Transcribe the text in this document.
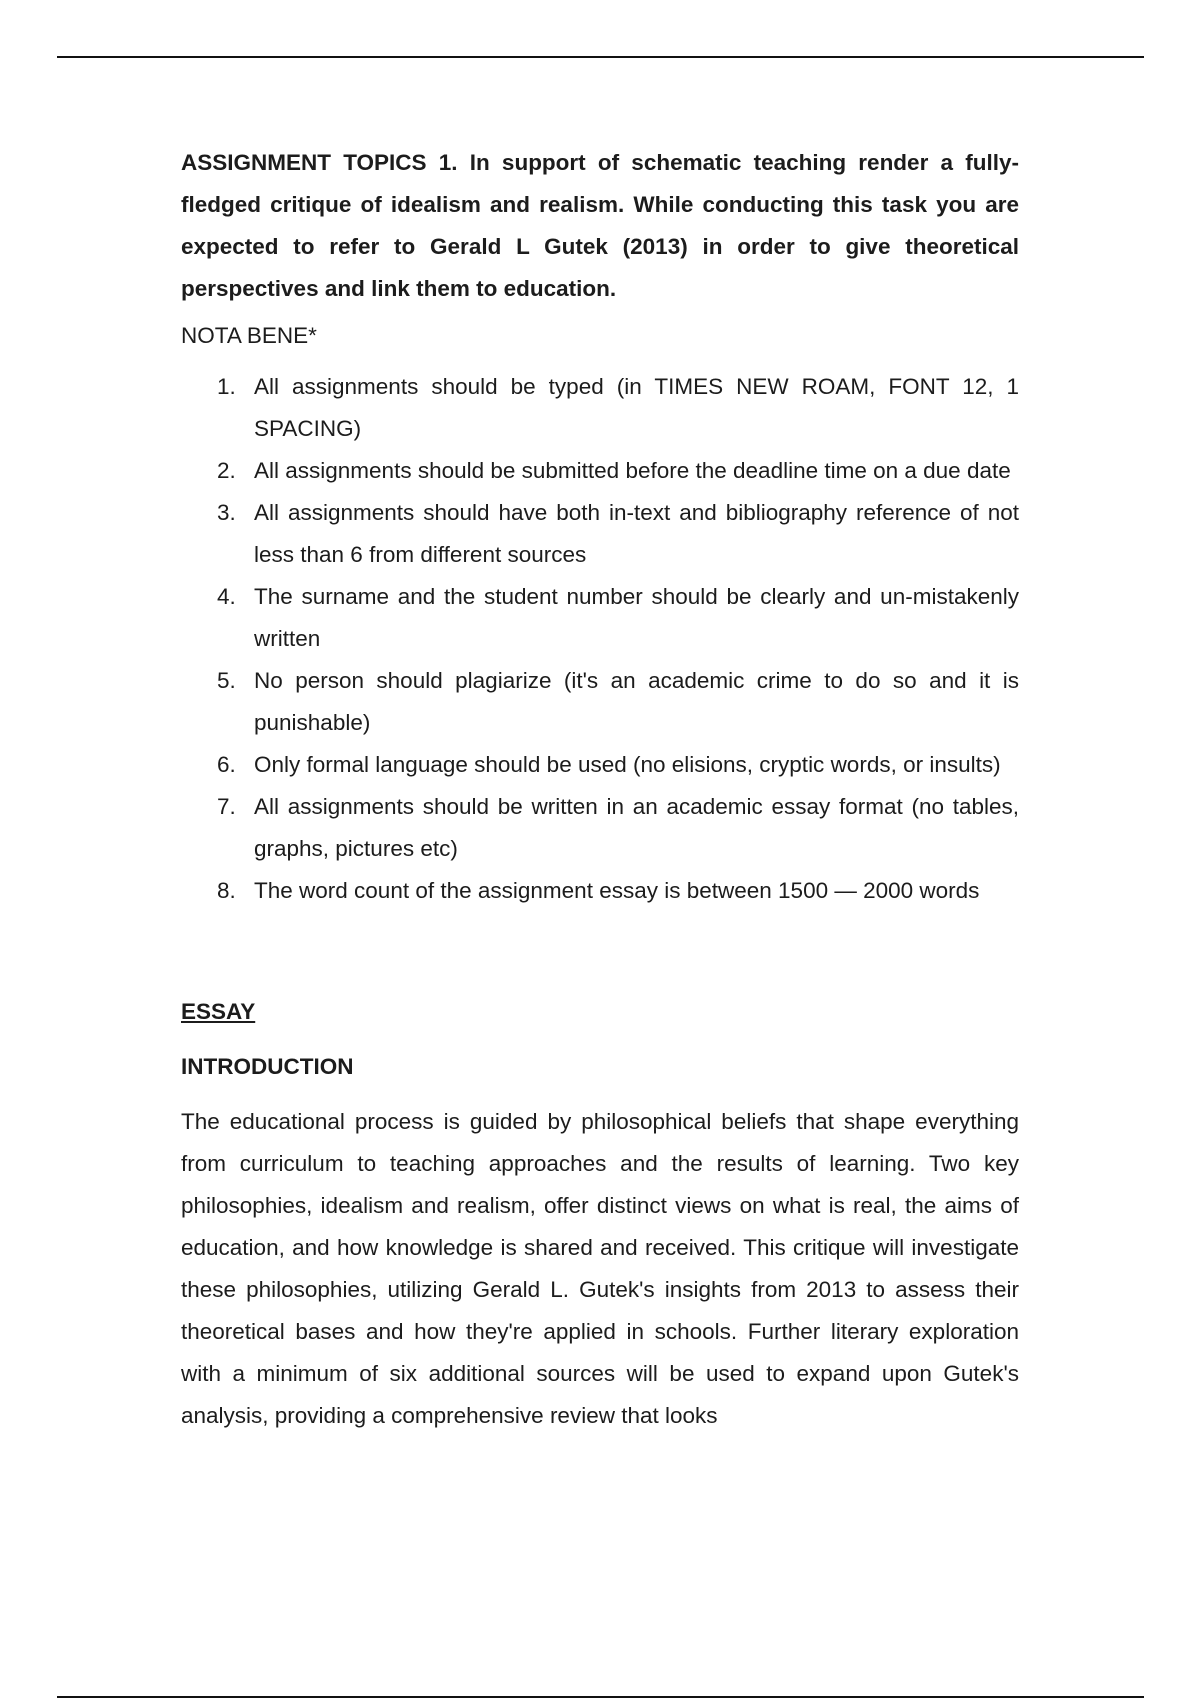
ASSIGNMENT TOPICS 1. In support of schematic teaching render a fully-fledged critique of idealism and realism. While conducting this task you are expected to refer to Gerald L Gutek (2013) in order to give theoretical perspectives and link them to education.

NOTA BENE*

1. All assignments should be typed (in TIMES NEW ROAM, FONT 12, 1 SPACING)
2. All assignments should be submitted before the deadline time on a due date
3. All assignments should have both in-text and bibliography reference of not less than 6 from different sources
4. The surname and the student number should be clearly and un-mistakenly written
5. No person should plagiarize (it's an academic crime to do so and it is punishable)
6. Only formal language should be used (no elisions, cryptic words, or insults)
7. All assignments should be written in an academic essay format (no tables, graphs, pictures etc)
8. The word count of the assignment essay is between 1500 — 2000 words

ESSAY

INTRODUCTION

The educational process is guided by philosophical beliefs that shape everything from curriculum to teaching approaches and the results of learning. Two key philosophies, idealism and realism, offer distinct views on what is real, the aims of education, and how knowledge is shared and received. This critique will investigate these philosophies, utilizing Gerald L. Gutek's insights from 2013 to assess their theoretical bases and how they're applied in schools. Further literary exploration with a minimum of six additional sources will be used to expand upon Gutek's analysis, providing a comprehensive review that looks
